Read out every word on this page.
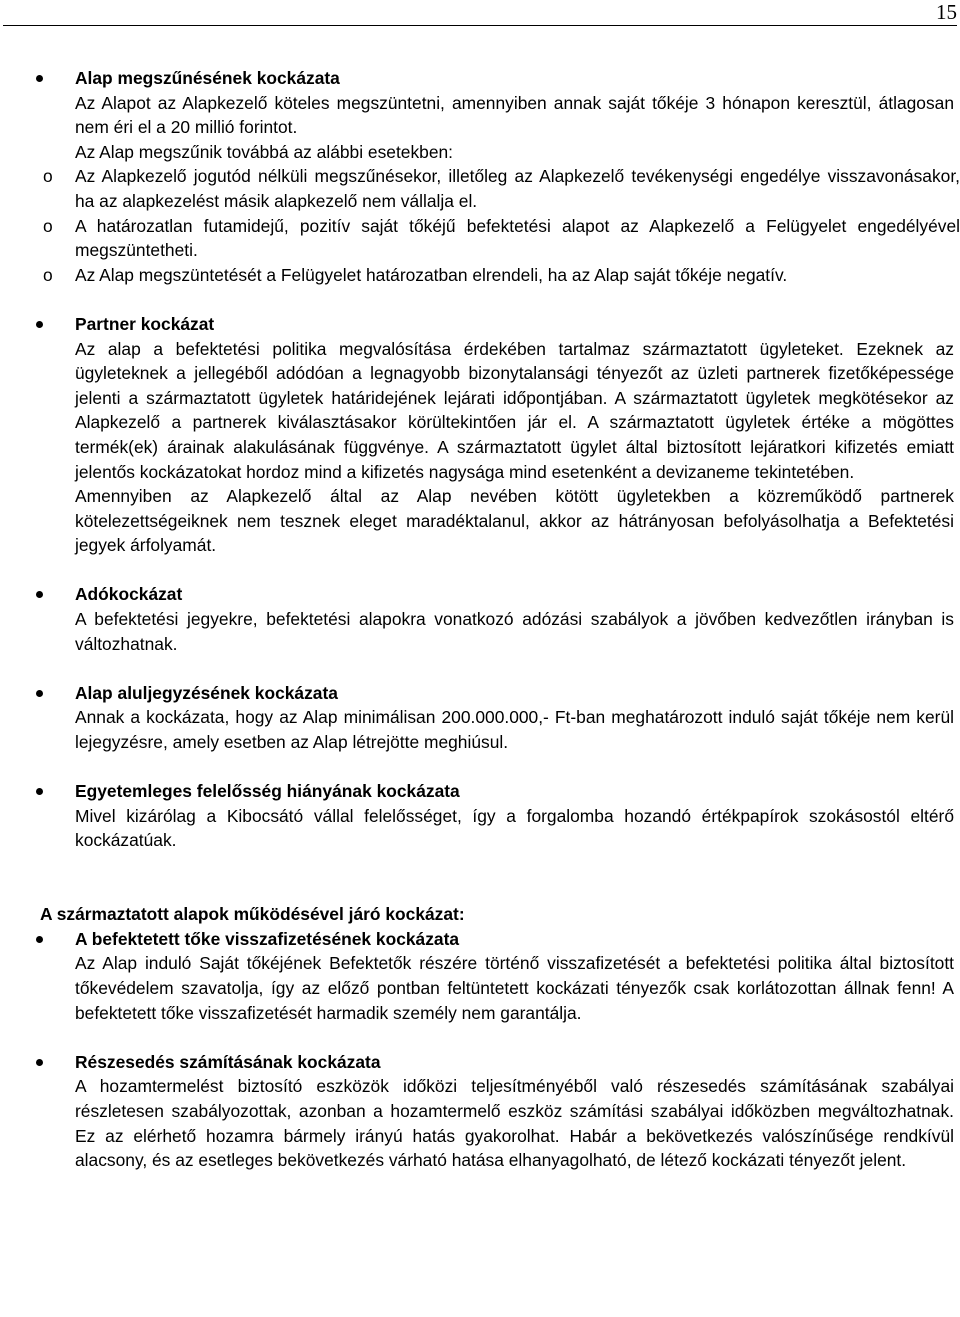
15
Alap megszűnésének kockázata

Az Alapot az Alapkezelő köteles megszüntetni, amennyiben annak saját tőkéje 3 hónapon keresztül, átlagosan nem éri el a 20 millió forintot.

Az Alap megszűnik továbbá az alábbi esetekben:

o Az Alapkezelő jogutód nélküli megszűnésekor, illetőleg az Alapkezelő tevékenységi engedélye visszavonásakor, ha az alapkezelést másik alapkezelő nem vállalja el.
o A határozatlan futamidejű, pozitív saját tőkéjű befektetési alapot az Alapkezelő a Felügyelet engedélyével megszüntetheti.
o Az Alap megszüntetését a Felügyelet határozatban elrendeli, ha az Alap saját tőkéje negatív.
Partner kockázat

Az alap a befektetési politika megvalósítása érdekében tartalmaz származtatott ügyleteket. Ezeknek az ügyleteknek a jellegéből adódóan a legnagyobb bizonytalansági tényezőt az üzleti partnerek fizetőképessége jelenti a származtatott ügyletek határidejének lejárati időpontjában. A származtatott ügyletek megkötésekor az Alapkezelő a partnerek kiválasztásakor körültekintően jár el. A származtatott ügyletek értéke a mögöttes termék(ek) árainak alakulásának függvénye. A származtatott ügylet által biztosított lejáratkori kifizetés emiatt jelentős kockázatokat hordoz mind a kifizetés nagysága mind esetenként a devizaneme tekintetében.

Amennyiben az Alapkezelő által az Alap nevében kötött ügyletekben a közreműködő partnerek kötelezettségeiknek nem tesznek eleget maradéktalanul, akkor az hátrányosan befolyásolhatja a Befektetési jegyek árfolyamát.

Adókockázat

A befektetési jegyekre, befektetési alapokra vonatkozó adózási szabályok a jövőben kedvezőtlen irányban is változhatnak.

Alap aluljegyzésének kockázata

Annak a kockázata, hogy az Alap minimálisan 200.000.000,- Ft-ban meghatározott induló saját tőkéje nem kerül lejegyzésre, amely esetben az Alap létrejötte meghiúsul.

Egyetemleges felelősség hiányának kockázata

Mivel kizárólag a Kibocsátó vállal felelősséget, így a forgalomba hozandó értékpapírok szokásostól eltérő kockázatúak.

A származtatott alapok működésével járó kockázat:
A befektetett tőke visszafizetésének kockázata

Az Alap induló Saját tőkéjének Befektetők részére történő visszafizetését a befektetési politika által biztosított tőkevédelem szavatolja, így az előző pontban feltüntetett kockázati tényezők csak korlátozottan állnak fenn! A befektetett tőke visszafizetését harmadik személy nem garantálja.

Részesedés számításának kockázata

A hozamtermelést biztosító eszközök időközi teljesítményéből való részesedés számításának szabályai részletesen szabályozottak, azonban a hozamtermelő eszköz számítási szabályai időközben megváltozhatnak. Ez az elérhető hozamra bármely irányú hatás gyakorolhat. Habár a bekövetkezés valószínűsége rendkívül alacsony, és az esetleges bekövetkezés várható hatása elhanyagolható, de létező kockázati tényezőt jelent.
